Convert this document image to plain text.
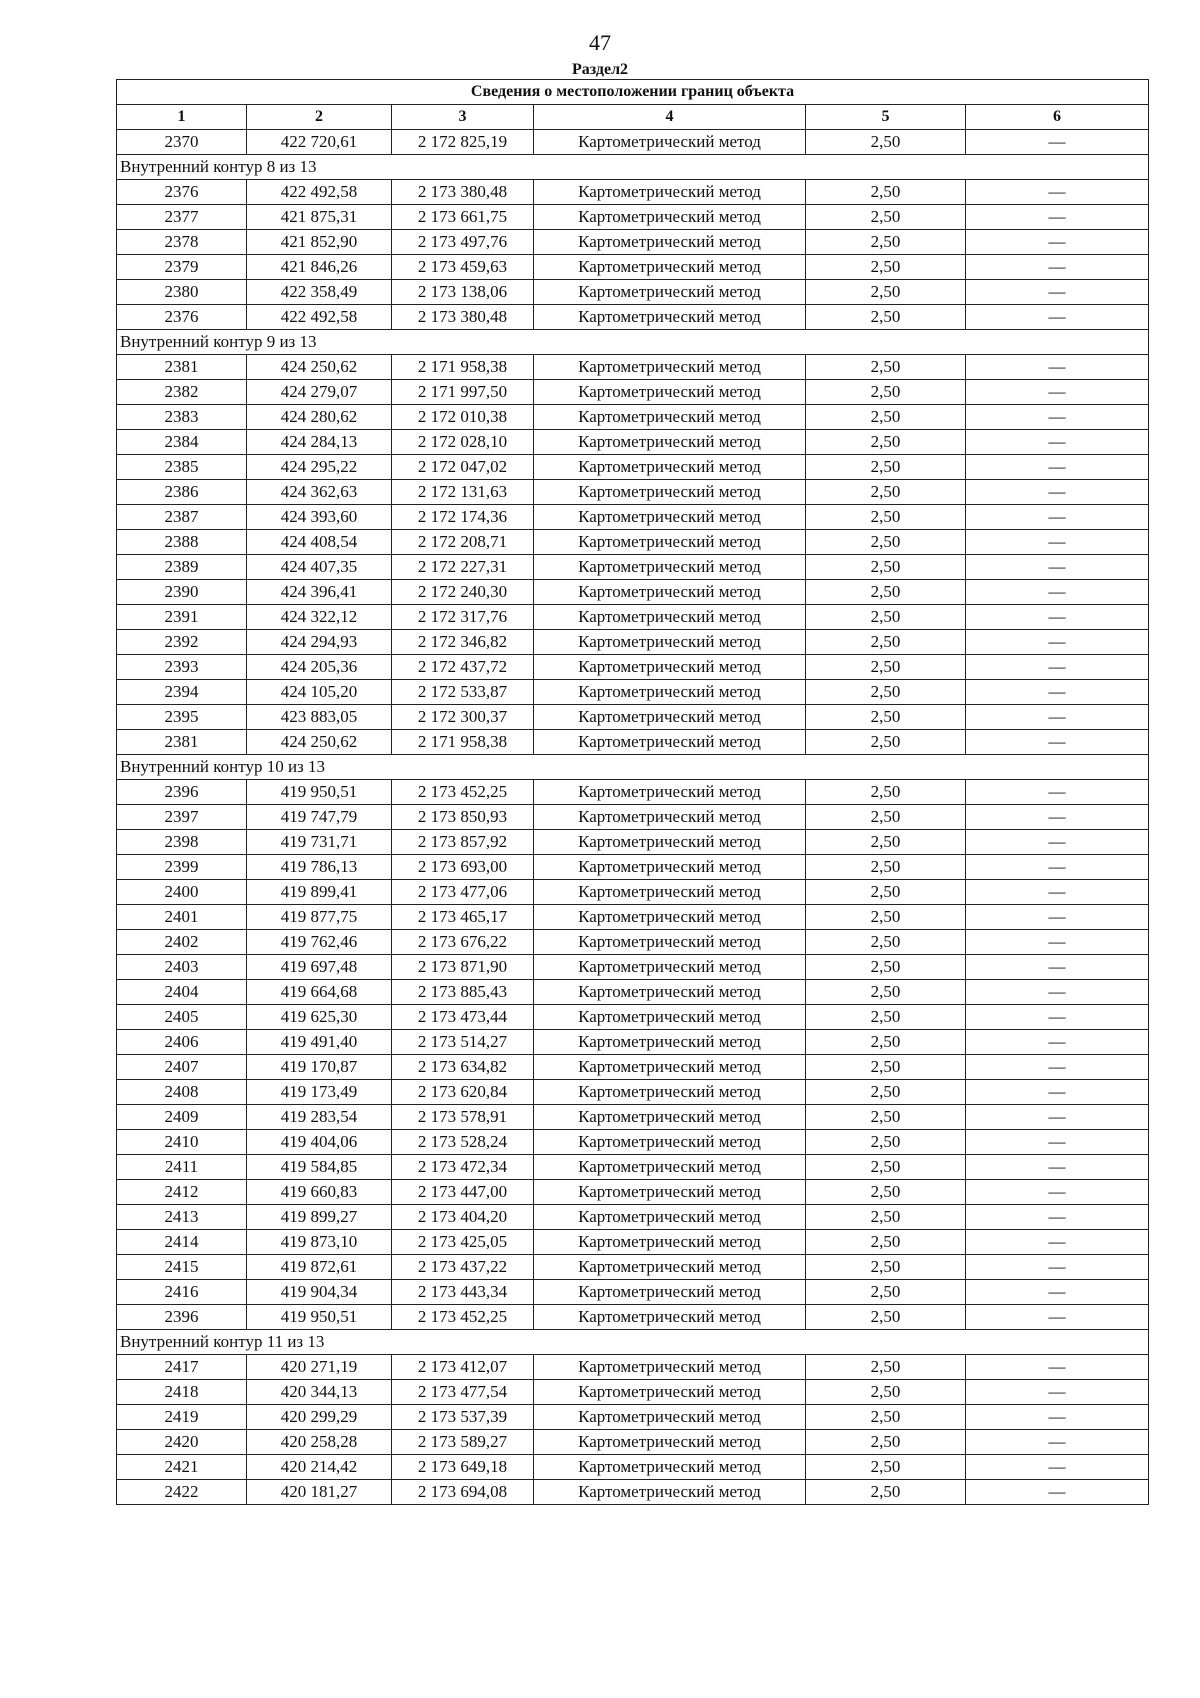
47
Раздел2
Сведения о местоположении границ объекта					
1	2	3	4	5	6
2370	422 720,61	2 172 825,19	Картометрический метод	2,50	—
Внутренний контур 8 из 13					
2376	422 492,58	2 173 380,48	Картометрический метод	2,50	—
2377	421 875,31	2 173 661,75	Картометрический метод	2,50	—
2378	421 852,90	2 173 497,76	Картометрический метод	2,50	—
2379	421 846,26	2 173 459,63	Картометрический метод	2,50	—
2380	422 358,49	2 173 138,06	Картометрический метод	2,50	—
2376	422 492,58	2 173 380,48	Картометрический метод	2,50	—
Внутренний контур 9 из 13					
2381	424 250,62	2 171 958,38	Картометрический метод	2,50	—
2382	424 279,07	2 171 997,50	Картометрический метод	2,50	—
2383	424 280,62	2 172 010,38	Картометрический метод	2,50	—
2384	424 284,13	2 172 028,10	Картометрический метод	2,50	—
2385	424 295,22	2 172 047,02	Картометрический метод	2,50	—
2386	424 362,63	2 172 131,63	Картометрический метод	2,50	—
2387	424 393,60	2 172 174,36	Картометрический метод	2,50	—
2388	424 408,54	2 172 208,71	Картометрический метод	2,50	—
2389	424 407,35	2 172 227,31	Картометрический метод	2,50	—
2390	424 396,41	2 172 240,30	Картометрический метод	2,50	—
2391	424 322,12	2 172 317,76	Картометрический метод	2,50	—
2392	424 294,93	2 172 346,82	Картометрический метод	2,50	—
2393	424 205,36	2 172 437,72	Картометрический метод	2,50	—
2394	424 105,20	2 172 533,87	Картометрический метод	2,50	—
2395	423 883,05	2 172 300,37	Картометрический метод	2,50	—
2381	424 250,62	2 171 958,38	Картометрический метод	2,50	—
Внутренний контур 10 из 13					
2396	419 950,51	2 173 452,25	Картометрический метод	2,50	—
2397	419 747,79	2 173 850,93	Картометрический метод	2,50	—
2398	419 731,71	2 173 857,92	Картометрический метод	2,50	—
2399	419 786,13	2 173 693,00	Картометрический метод	2,50	—
2400	419 899,41	2 173 477,06	Картометрический метод	2,50	—
2401	419 877,75	2 173 465,17	Картометрический метод	2,50	—
2402	419 762,46	2 173 676,22	Картометрический метод	2,50	—
2403	419 697,48	2 173 871,90	Картометрический метод	2,50	—
2404	419 664,68	2 173 885,43	Картометрический метод	2,50	—
2405	419 625,30	2 173 473,44	Картометрический метод	2,50	—
2406	419 491,40	2 173 514,27	Картометрический метод	2,50	—
2407	419 170,87	2 173 634,82	Картометрический метод	2,50	—
2408	419 173,49	2 173 620,84	Картометрический метод	2,50	—
2409	419 283,54	2 173 578,91	Картометрический метод	2,50	—
2410	419 404,06	2 173 528,24	Картометрический метод	2,50	—
2411	419 584,85	2 173 472,34	Картометрический метод	2,50	—
2412	419 660,83	2 173 447,00	Картометрический метод	2,50	—
2413	419 899,27	2 173 404,20	Картометрический метод	2,50	—
2414	419 873,10	2 173 425,05	Картометрический метод	2,50	—
2415	419 872,61	2 173 437,22	Картометрический метод	2,50	—
2416	419 904,34	2 173 443,34	Картометрический метод	2,50	—
2396	419 950,51	2 173 452,25	Картометрический метод	2,50	—
Внутренний контур 11 из 13					
2417	420 271,19	2 173 412,07	Картометрический метод	2,50	—
2418	420 344,13	2 173 477,54	Картометрический метод	2,50	—
2419	420 299,29	2 173 537,39	Картометрический метод	2,50	—
2420	420 258,28	2 173 589,27	Картометрический метод	2,50	—
2421	420 214,42	2 173 649,18	Картометрический метод	2,50	—
2422	420 181,27	2 173 694,08	Картометрический метод	2,50	—
